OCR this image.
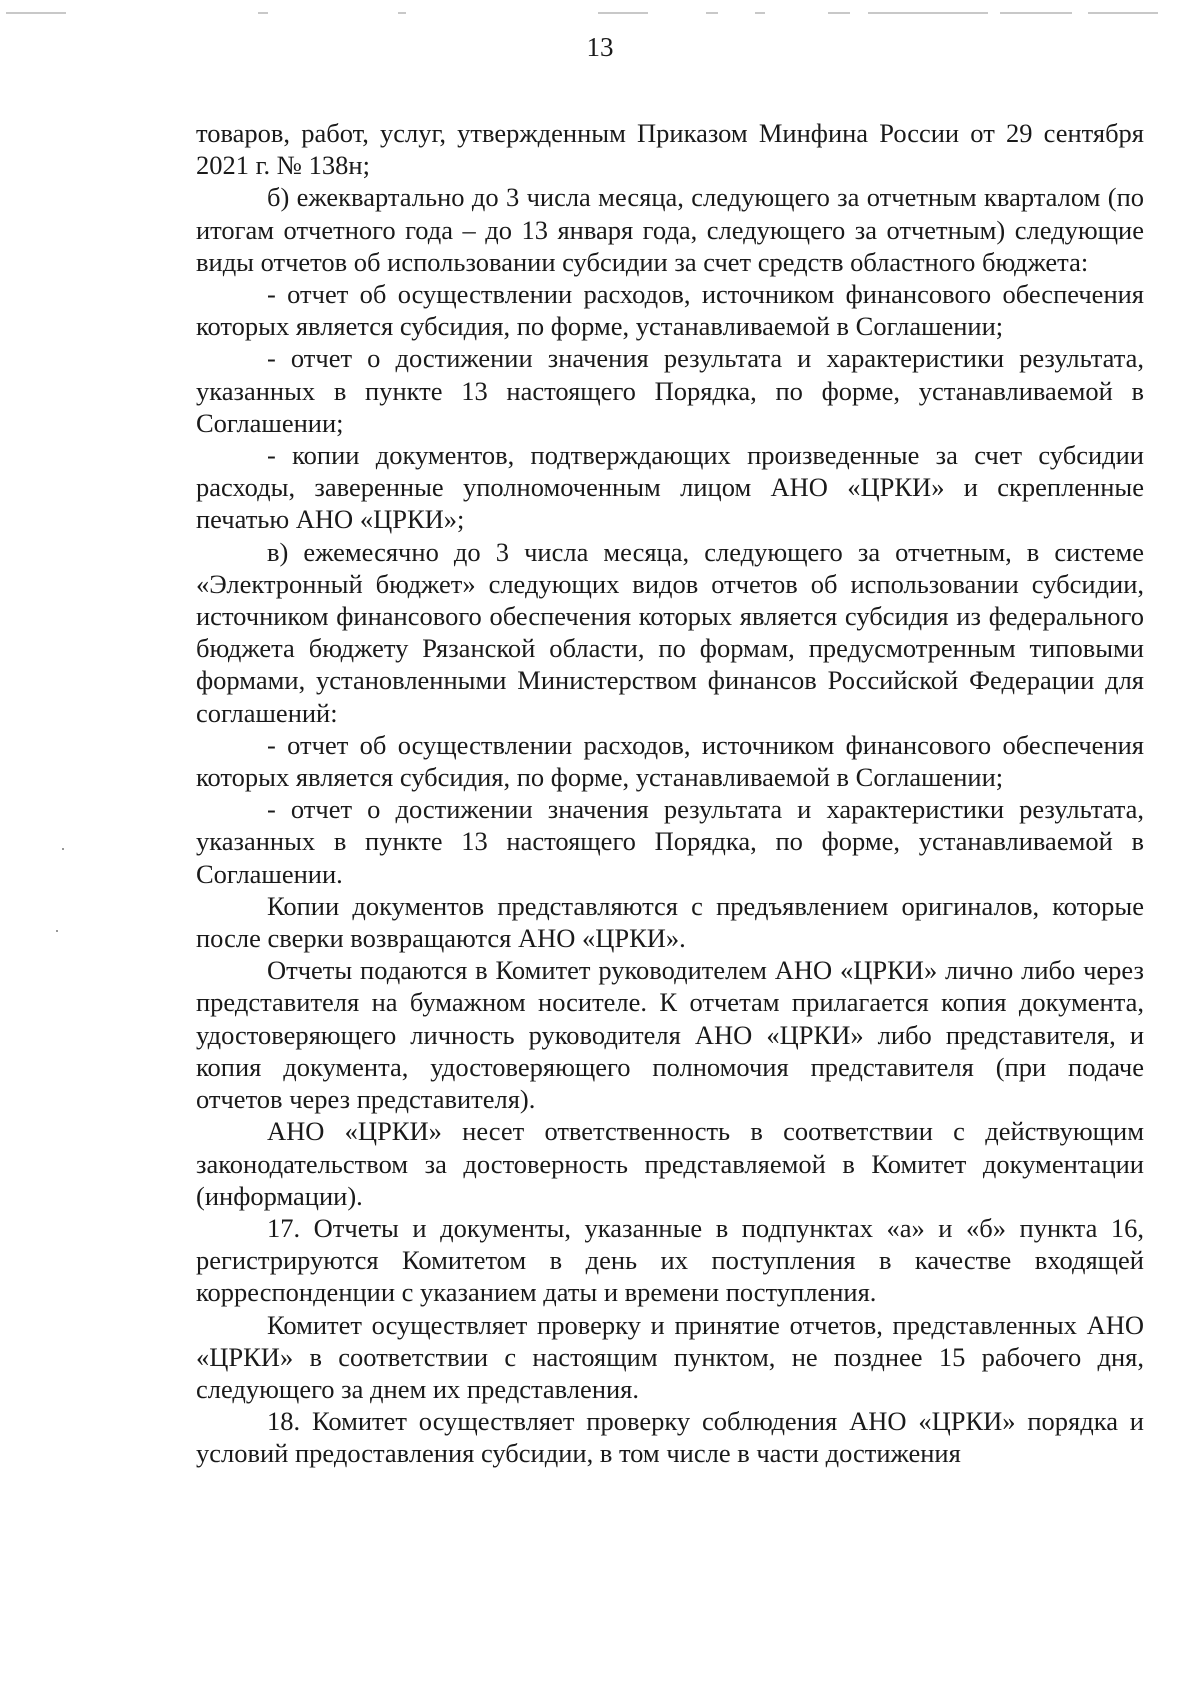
13

товаров, работ, услуг, утвержденным Приказом Минфина России от 29 сентября 2021 г. № 138н;

б) ежеквартально до 3 числа месяца, следующего за отчетным кварталом (по итогам отчетного года – до 13 января года, следующего за отчетным) следующие виды отчетов об использовании субсидии за счет средств областного бюджета:

- отчет об осуществлении расходов, источником финансового обеспечения которых является субсидия, по форме, устанавливаемой в Соглашении;

- отчет о достижении значения результата и характеристики результата, указанных в пункте 13 настоящего Порядка, по форме, устанавливаемой в Соглашении;

- копии документов, подтверждающих произведенные за счет субсидии расходы, заверенные уполномоченным лицом АНО «ЦРКИ» и скрепленные печатью АНО «ЦРКИ»;

в) ежемесячно до 3 числа месяца, следующего за отчетным, в системе «Электронный бюджет» следующих видов отчетов об использовании субсидии, источником финансового обеспечения которых является субсидия из федерального бюджета бюджету Рязанской области, по формам, предусмотренным типовыми формами, установленными Министерством финансов Российской Федерации для соглашений:

- отчет об осуществлении расходов, источником финансового обеспечения которых является субсидия, по форме, устанавливаемой в Соглашении;

- отчет о достижении значения результата и характеристики результата, указанных в пункте 13 настоящего Порядка, по форме, устанавливаемой в Соглашении.

Копии документов представляются с предъявлением оригиналов, которые после сверки возвращаются АНО «ЦРКИ».

Отчеты подаются в Комитет руководителем АНО «ЦРКИ» лично либо через представителя на бумажном носителе. К отчетам прилагается копия документа, удостоверяющего личность руководителя АНО «ЦРКИ» либо представителя, и копия документа, удостоверяющего полномочия представителя (при подаче отчетов через представителя).

АНО «ЦРКИ» несет ответственность в соответствии с действующим законодательством за достоверность представляемой в Комитет документации (информации).

17. Отчеты и документы, указанные в подпунктах «а» и «б» пункта 16, регистрируются Комитетом в день их поступления в качестве входящей корреспонденции с указанием даты и времени поступления.

Комитет осуществляет проверку и принятие отчетов, представленных АНО «ЦРКИ» в соответствии с настоящим пунктом, не позднее 15 рабочего дня, следующего за днем их представления.

18. Комитет осуществляет проверку соблюдения АНО «ЦРКИ» порядка и условий предоставления субсидии, в том числе в части достижения
